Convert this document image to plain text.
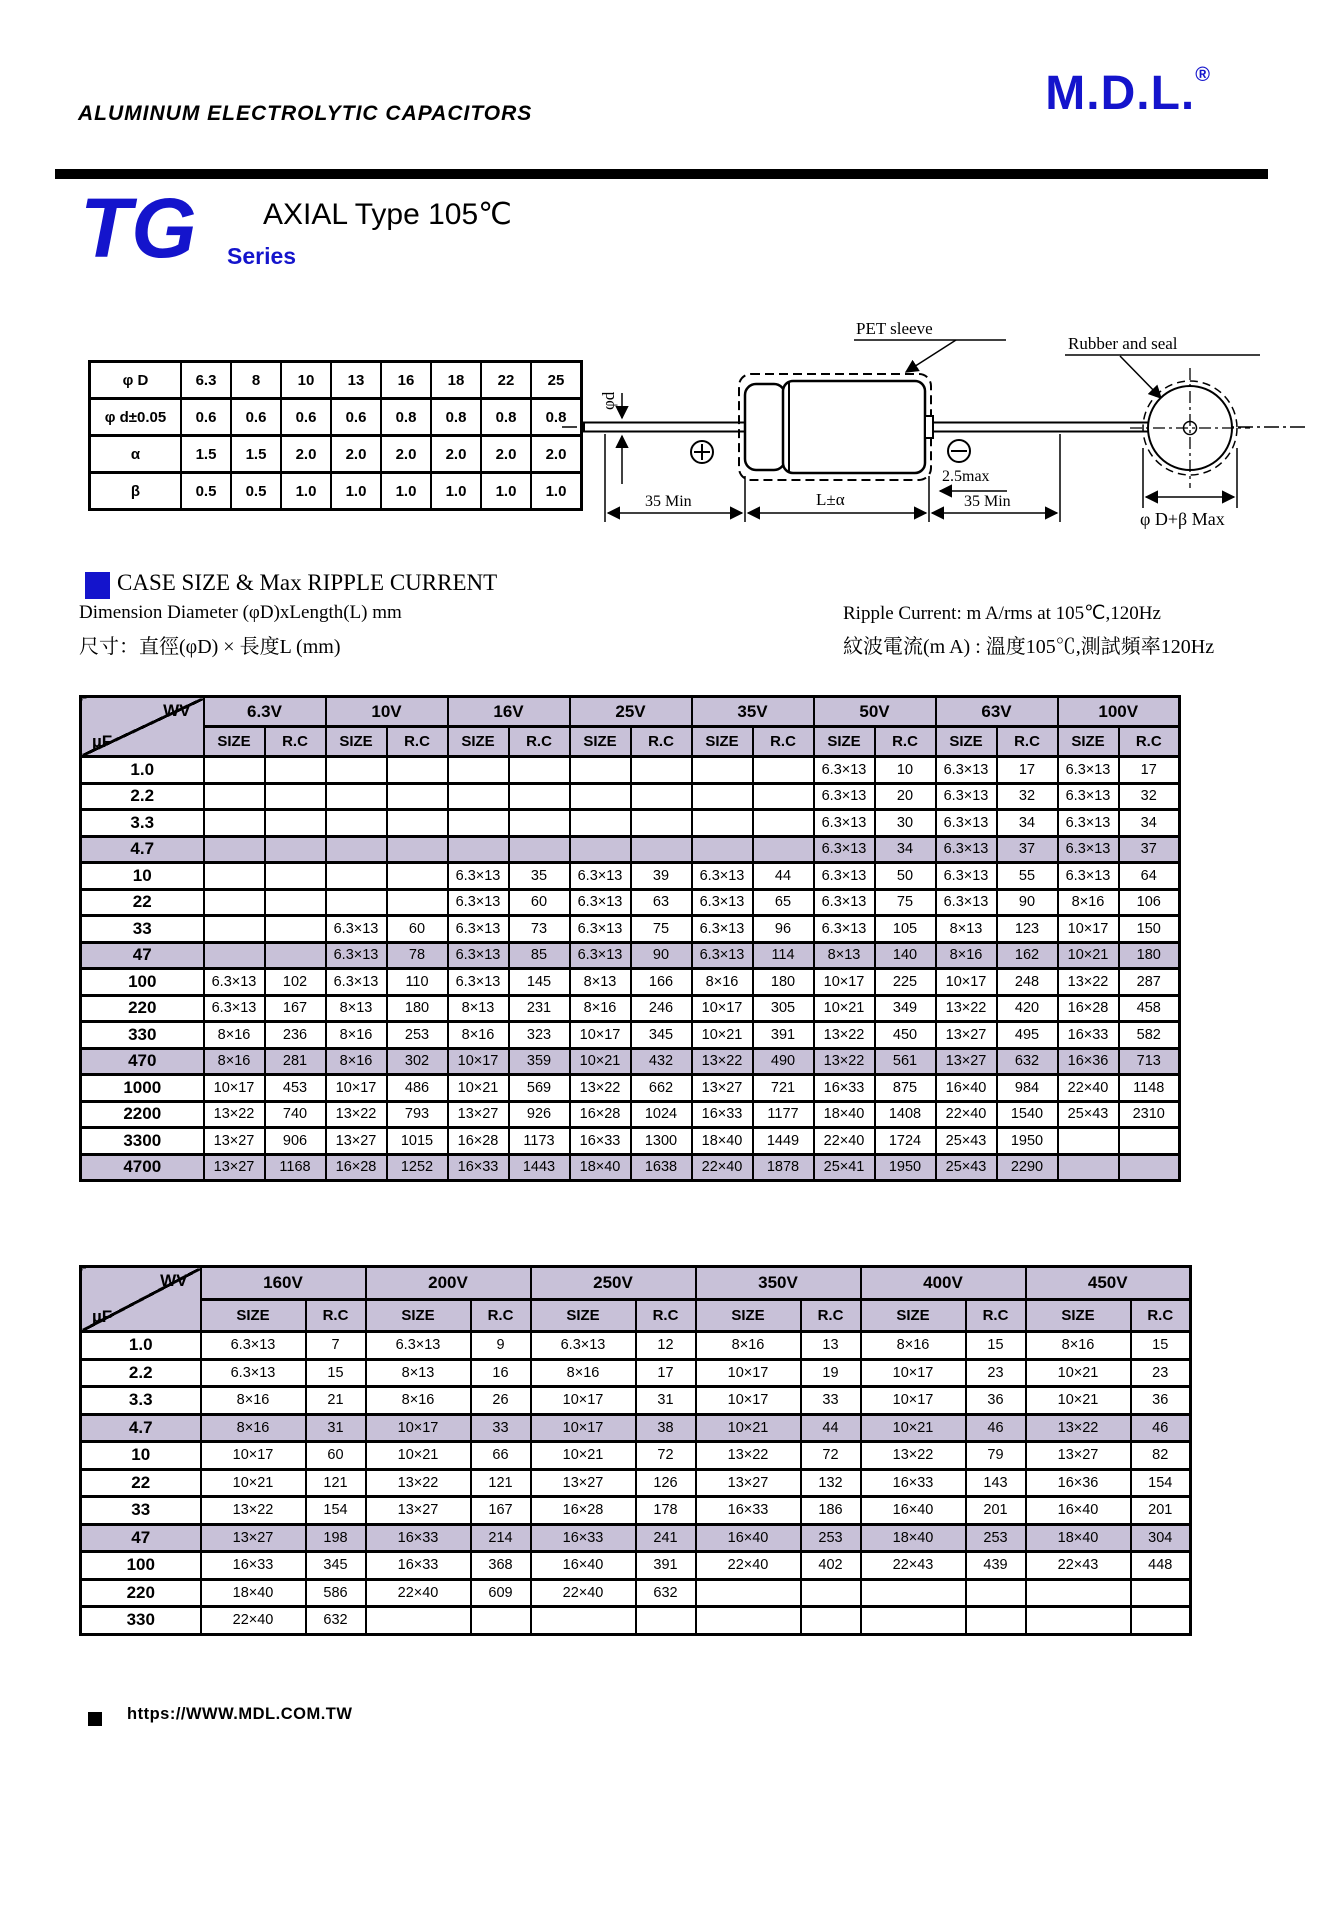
ALUMINUM ELECTROLYTIC CAPACITORS	M.D.L.®
TG AXIAL Type 105℃
Series
φ D	6.3	8	10	13	16	18	22	25
φ d±0.05	0.6	0.6	0.6	0.6	0.8	0.8	0.8	0.8
α	1.5	1.5	2.0	2.0	2.0	2.0	2.0	2.0
β	0.5	0.5	1.0	1.0	1.0	1.0	1.0	1.0
PET sleeve
Rubber and seal
φ D+β Max
2.5max
φd
35 Min	L±α	35 Min
CASE SIZE & Max RIPPLE CURRENT
Dimension Diameter (φD)xLength(L) mm
尺寸：直徑(φD) × 長度L (mm)
Ripple Current: m A/rms at 105℃,120Hz
紋波電流(m A) : 溫度105℃,測試頻率120Hz
WV
µF	6.3V		10V		16V		25V		35V		50V		63V		100V	
	SIZE	R.C	SIZE	R.C	SIZE	R.C	SIZE	R.C	SIZE	R.C	SIZE	R.C	SIZE	R.C	SIZE	R.C
1.0											6.3×13	10	6.3×13	17	6.3×13	17
2.2											6.3×13	20	6.3×13	32	6.3×13	32
3.3											6.3×13	30	6.3×13	34	6.3×13	34
4.7											6.3×13	34	6.3×13	37	6.3×13	37
10					6.3×13	35	6.3×13	39	6.3×13	44	6.3×13	50	6.3×13	55	6.3×13	64
22					6.3×13	60	6.3×13	63	6.3×13	65	6.3×13	75	6.3×13	90	8×16	106
33			6.3×13	60	6.3×13	73	6.3×13	75	6.3×13	96	6.3×13	105	8×13	123	10×17	150
47			6.3×13	78	6.3×13	85	6.3×13	90	6.3×13	114	8×13	140	8×16	162	10×21	180
100	6.3×13	102	6.3×13	110	6.3×13	145	8×13	166	8×16	180	10×17	225	10×17	248	13×22	287
220	6.3×13	167	8×13	180	8×13	231	8×16	246	10×17	305	10×21	349	13×22	420	16×28	458
330	8×16	236	8×16	253	8×16	323	10×17	345	10×21	391	13×22	450	13×27	495	16×33	582
470	8×16	281	8×16	302	10×17	359	10×21	432	13×22	490	13×22	561	13×27	632	16×36	713
1000	10×17	453	10×17	486	10×21	569	13×22	662	13×27	721	16×33	875	16×40	984	22×40	1148
2200	13×22	740	13×22	793	13×27	926	16×28	1024	16×33	1177	18×40	1408	22×40	1540	25×43	2310
3300	13×27	906	13×27	1015	16×28	1173	16×33	1300	18×40	1449	22×40	1724	25×43	1950		
4700	13×27	1168	16×28	1252	16×33	1443	18×40	1638	22×40	1878	25×41	1950	25×43	2290		
WV
µF	160V		200V		250V		350V		400V		450V	
	SIZE	R.C	SIZE	R.C	SIZE	R.C	SIZE	R.C	SIZE	R.C	SIZE	R.C
1.0	6.3×13	7	6.3×13	9	6.3×13	12	8×16	13	8×16	15	8×16	15
2.2	6.3×13	15	8×13	16	8×16	17	10×17	19	10×17	23	10×21	23
3.3	8×16	21	8×16	26	10×17	31	10×17	33	10×17	36	10×21	36
4.7	8×16	31	10×17	33	10×17	38	10×21	44	10×21	46	13×22	46
10	10×17	60	10×21	66	10×21	72	13×22	72	13×22	79	13×27	82
22	10×21	121	13×22	121	13×27	126	13×27	132	16×33	143	16×36	154
33	13×22	154	13×27	167	16×28	178	16×33	186	16×40	201	16×40	201
47	13×27	198	16×33	214	16×33	241	16×40	253	18×40	253	18×40	304
100	16×33	345	16×33	368	16×40	391	22×40	402	22×43	439	22×43	448
220	18×40	586	22×40	609	22×40	632						
330	22×40	632										
https://WWW.MDL.COM.TW
